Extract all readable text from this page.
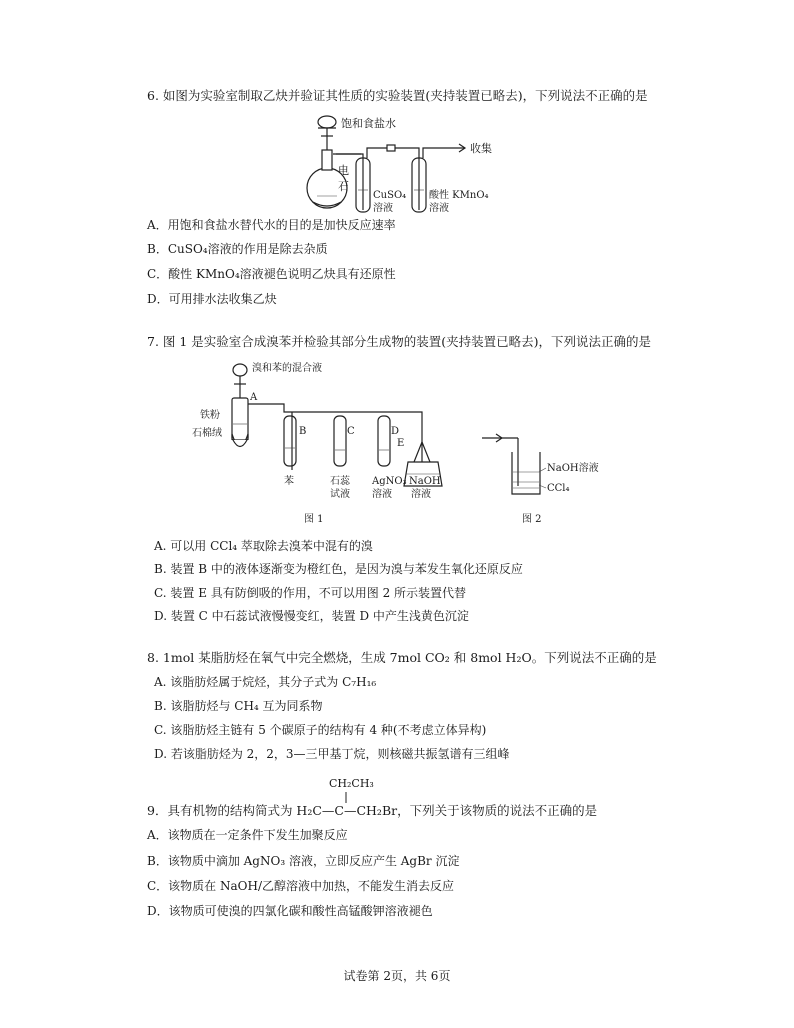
6. 如图为实验室制取乙炔并验证其性质的实验装置(夹持装置已略去)，下列说法不正确的是
饱和食盐水
收集
电
石
CuSO₄
溶液
酸性 KMnO₄
溶液
A．用饱和食盐水替代水的目的是加快反应速率
B．CuSO₄溶液的作用是除去杂质
C．酸性 KMnO₄溶液褪色说明乙炔具有还原性
D．可用排水法收集乙炔
7. 图 1 是实验室合成溴苯并检验其部分生成物的装置(夹持装置已略去)，下列说法正确的是
溴和苯的混合液
A
铁粉
石棉绒	B	C	D
E
苯	石蕊
试液
AgNO₃
溶液
NaOH
溶液
图 1
NaOH溶液
CCl₄
图 2
A. 可以用 CCl₄ 萃取除去溴苯中混有的溴
B. 装置 B 中的液体逐渐变为橙红色，是因为溴与苯发生氧化还原反应
C. 装置 E 具有防倒吸的作用，不可以用图 2 所示装置代替
D. 装置 C 中石蕊试液慢慢变红，装置 D 中产生浅黄色沉淀
8. 1mol 某脂肪烃在氧气中完全燃烧，生成 7mol CO₂ 和 8mol H₂O。下列说法不正确的是
A. 该脂肪烃属于烷烃，其分子式为 C₇H₁₆
B. 该脂肪烃与 CH₄ 互为同系物
C. 该脂肪烃主链有 5 个碳原子的结构有 4 种(不考虑立体异构)
D. 若该脂肪烃为 2，2，3—三甲基丁烷，则核磁共振氢谱有三组峰
CH₂CH₃
9．具有机物的结构简式为 H₂C—C—CH₂Br，下列关于该物质的说法不正确的是
A．该物质在一定条件下发生加聚反应
B．该物质中滴加 AgNO₃ 溶液，立即反应产生 AgBr 沉淀
C．该物质在 NaOH/乙醇溶液中加热，不能发生消去反应
D．该物质可使溴的四氯化碳和酸性高锰酸钾溶液褪色
试卷第 2页，共 6页
